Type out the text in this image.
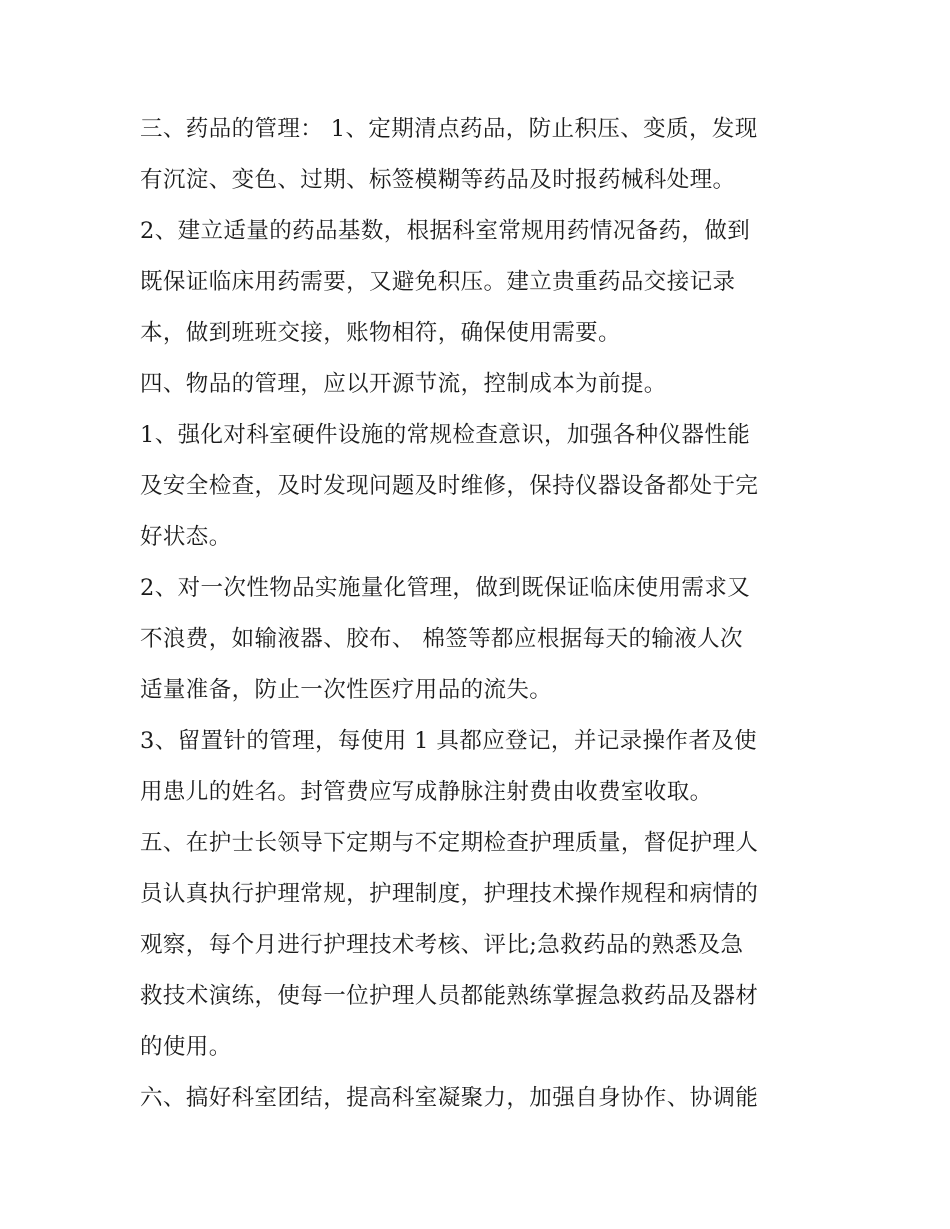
三、药品的管理： 1、定期清点药品，防止积压、变质，发现
有沉淀、变色、过期、标签模糊等药品及时报药械科处理。
2、建立适量的药品基数，根据科室常规用药情况备药，做到
既保证临床用药需要，又避免积压。建立贵重药品交接记录
本，做到班班交接，账物相符，确保使用需要。
四、物品的管理，应以开源节流，控制成本为前提。
1、强化对科室硬件设施的常规检查意识，加强各种仪器性能
及安全检查，及时发现问题及时维修，保持仪器设备都处于完
好状态。
2、对一次性物品实施量化管理，做到既保证临床使用需求又
不浪费，如输液器、胶布、 棉签等都应根据每天的输液人次
适量准备，防止一次性医疗用品的流失。
3、留置针的管理，每使用 1 具都应登记，并记录操作者及使
用患儿的姓名。封管费应写成静脉注射费由收费室收取。
五、在护士长领导下定期与不定期检查护理质量，督促护理人
员认真执行护理常规，护理制度，护理技术操作规程和病情的
观察，每个月进行护理技术考核、评比;急救药品的熟悉及急
救技术演练，使每一位护理人员都能熟练掌握急救药品及器材
的使用。
六、搞好科室团结，提高科室凝聚力，加强自身协作、协调能
